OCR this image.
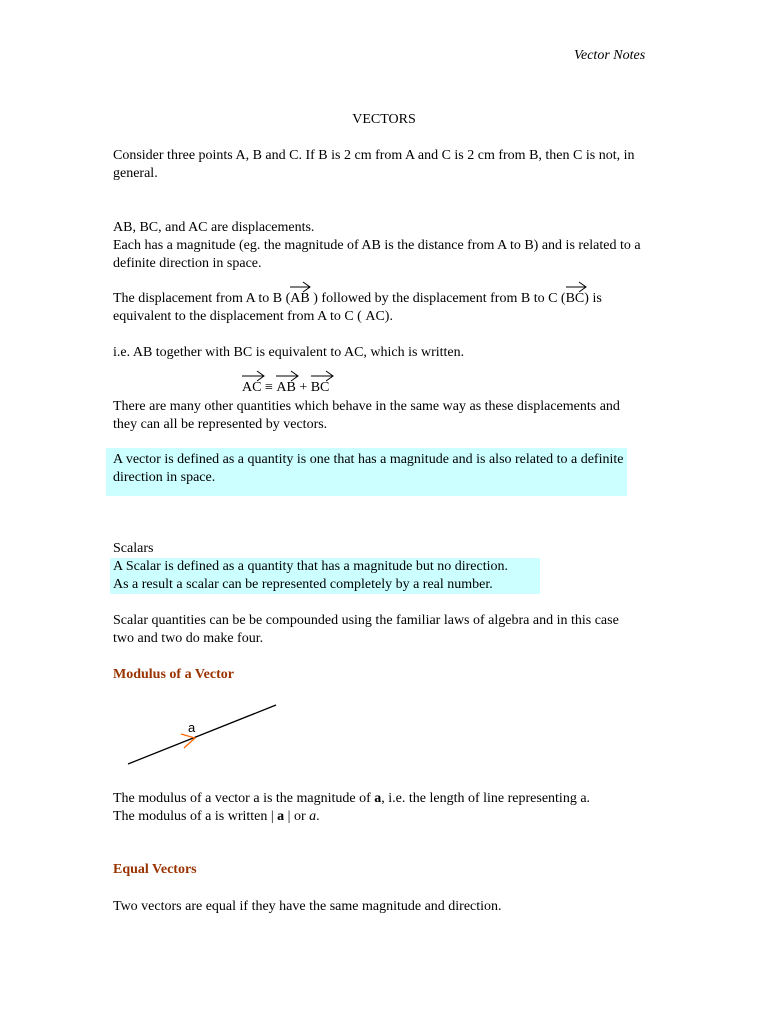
Vector Notes
VECTORS
Consider three points A, B and C. If B is 2 cm from A and C is 2 cm from B, then C is not, in general.
AB, BC, and AC are displacements.
Each has a magnitude (eg. the magnitude of AB is the distance from A to B) and is related to a definite direction in space.
The displacement from A to B (
AB ) followed by the displacement from B to C (
BC) is equivalent to the displacement from A to C ( AC).
i.e. AB together with BC is equivalent to AC, which is written.
AC ≡
AB +
BC
There are many other quantities which behave in the same way as these displacements and they can all be represented by vectors.
A vector is defined as a quantity is one that has a magnitude and is also related to a definite direction in space.
Scalars
A Scalar is defined as a quantity that has a magnitude but no direction.
As a result a scalar can be represented completely by a real number.
Scalar quantities can be be compounded using the familiar laws of algebra and in this case two and two do make four.
Modulus of a Vector
a
The modulus of a vector a is the magnitude of a, i.e. the length of line representing a.
The modulus of a is written | a | or a.
Equal Vectors
Two vectors are equal if they have the same magnitude and direction.
